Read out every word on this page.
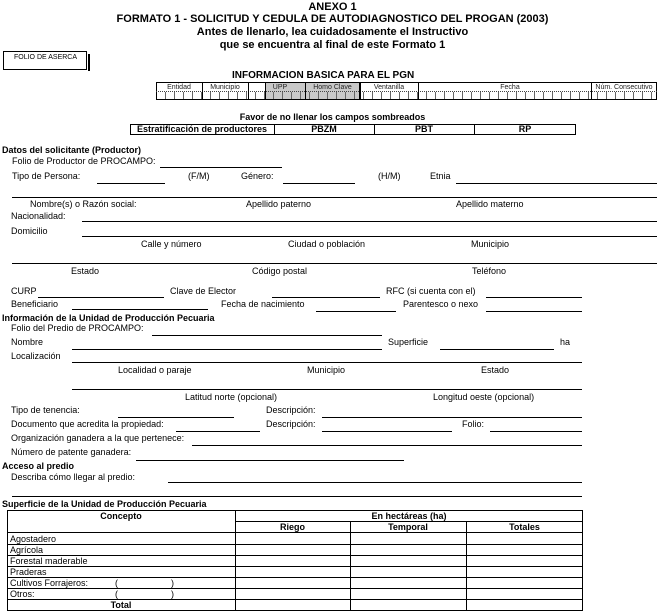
ANEXO 1
FORMATO 1 - SOLICITUD Y CEDULA DE AUTODIAGNOSTICO DEL PROGAN (2003)
Antes de llenarlo, lea cuidadosamente el Instructivo
que se encuentra al final de este Formato 1
FOLIO DE ASERCA
INFORMACION BASICA PARA EL PGN
Entidad	Municipio	UPP	Homo Clave	Ventanilla	Fecha	Núm. Consecutivo
Favor de no llenar los campos sombreados
Estratificación de productores	PBZM	PBT	RP
Datos del solicitante (Productor)
Folio de Productor de PROCAMPO:
Tipo de Persona:	(F/M)	Género:	(H/M)	Etnia
Nombre(s) o Razón social:	Apellido paterno	Apellido materno
Nacionalidad:
Domicilio
Calle y número	Ciudad o población	Municipio
Estado	Código postal	Teléfono
CURP	Clave de Elector	RFC (si cuenta con el)
Beneficiario	Fecha de nacimiento	Parentesco o nexo
Información de la Unidad de Producción Pecuaria
Folio del Predio de PROCAMPO:
Nombre	Superficie	ha
Localización
Localidad o paraje	Municipio	Estado
Latitud norte (opcional)	Longitud oeste (opcional)
Tipo de tenencia:	Descripción:
Documento que acredita la propiedad:	Descripción:	Folio:
Organización ganadera a la que pertenece:
Número de patente ganadera:
Acceso al predio
Describa cómo llegar al predio:
Superficie de la Unidad de Producción Pecuaria
Concepto	En hectáreas (ha)
Riego	Temporal	Totales
Agostadero
Agrícola
Forestal maderable
Praderas
Cultivos Forrajeros:	(	)
Otros:	(	)
Total
